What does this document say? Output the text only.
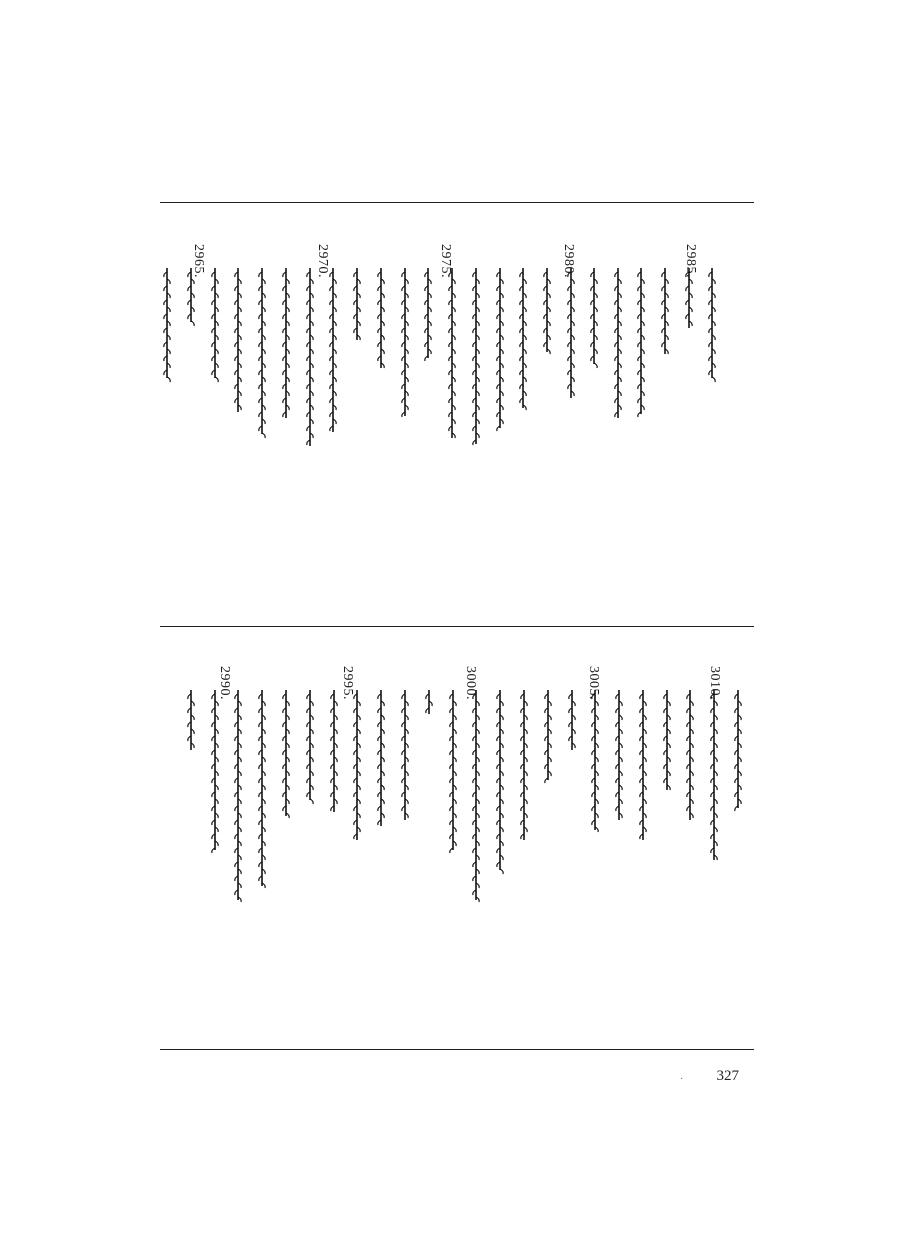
2985.
2980.
2975.
2970.
2965.
3010.
3005.
3000.
2995.
2990.
· 327
